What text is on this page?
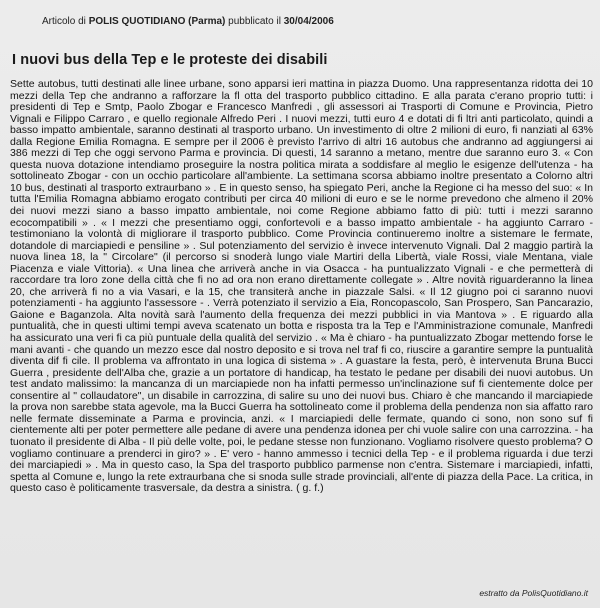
Articolo di POLIS QUOTIDIANO (Parma) pubblicato il 30/04/2006
I nuovi bus della Tep e le proteste dei disabili
Sette autobus, tutti destinati alle linee urbane, sono apparsi ieri mattina in piazza Duomo. Una rappresentanza ridotta dei 10 mezzi della Tep che andranno a rafforzare la fl otta del trasporto pubblico cittadino. E alla parata c'erano proprio tutti: i presidenti di Tep e Smtp, Paolo Zbogar e Francesco Manfredi , gli assessori ai Trasporti di Comune e Provincia, Pietro Vignali e Filippo Carraro , e quello regionale Alfredo Peri . I nuovi mezzi, tutti euro 4 e dotati di fi ltri anti particolato, quindi a basso impatto ambientale, saranno destinati al trasporto urbano. Un investimento di oltre 2 milioni di euro, fi nanziati al 63% dalla Regione Emilia Romagna. E sempre per il 2006 è previsto l'arrivo di altri 16 autobus che andranno ad aggiungersi ai 386 mezzi di Tep che oggi servono Parma e provincia. Di questi, 14 saranno a metano, mentre due saranno euro 3. « Con questa nuova dotazione intendiamo proseguire la nostra politica mirata a soddisfare al meglio le esigenze dell'utenza - ha sottolineato Zbogar - con un occhio particolare all'ambiente. La settimana scorsa abbiamo inoltre presentato a Colorno altri 10 bus, destinati al trasporto extraurbano » . E in questo senso, ha spiegato Peri, anche la Regione ci ha messo del suo: « In tutta l'Emilia Romagna abbiamo erogato contributi per circa 40 milioni di euro e se le norme prevedono che almeno il 20% dei nuovi mezzi siano a basso impatto ambientale, noi come Regione abbiamo fatto di più: tutti i mezzi saranno ecocompatibili » . « I mezzi che presentiamo oggi, confortevoli e a basso impatto ambientale - ha aggiunto Carraro - testimoniano la volontà di migliorare il trasporto pubblico. Come Provincia continueremo inoltre a sistemare le fermate, dotandole di marciapiedi e pensiline » . Sul potenziamento del servizio è invece intervenuto Vignali. Dal 2 maggio partirà la nuova linea 18, la " Circolare" (il percorso si snoderà lungo viale Martiri della Libertà, viale Rossi, viale Mentana, viale Piacenza e viale Vittoria). « Una linea che arriverà anche in via Osacca - ha puntualizzato Vignali - e che permetterà di raccordare tra loro zone della città che fi no ad ora non erano direttamente collegate » . Altre novità riguarderanno la linea 20, che arriverà fi no a via Vasari, e la 15, che transiterà anche in piazzale Salsi. « Il 12 giugno poi ci saranno nuovi potenziamenti - ha aggiunto l'assessore - . Verrà potenziato il servizio a Eia, Roncopascolo, San Prospero, San Pancarazio, Gaione e Baganzola. Alta novità sarà l'aumento della frequenza dei mezzi pubblici in via Mantova » . E riguardo alla puntualità, che in questi ultimi tempi aveva scatenato un botta e risposta tra la Tep e l'Amministrazione comunale, Manfredi ha assicurato una veri fi ca più puntuale della qualità del servizio . « Ma è chiaro - ha puntualizzato Zbogar mettendo forse le mani avanti - che quando un mezzo esce dal nostro deposito e si trova nel traf fi co, riuscire a garantire sempre la puntualità diventa dif fi cile. Il problema va affrontato in una logica di sistema » . A guastare la festa, però, è intervenuta Bruna Bucci Guerra , presidente dell'Alba che, grazie a un portatore di handicap, ha testato le pedane per disabili dei nuovi autobus. Un test andato malissimo: la mancanza di un marciapiede non ha infatti permesso un'inclinazione suf fi cientemente dolce per consentire al " collaudatore", un disabile in carrozzina, di salire su uno dei nuovi bus. Chiaro è che mancando il marciapiede la prova non sarebbe stata agevole, ma la Bucci Guerra ha sottolineato come il problema della pendenza non sia affatto raro nelle fermate disseminate a Parma e provincia, anzi. « I marciapiedi delle fermate, quando ci sono, non sono suf fi cientemente alti per poter permettere alle pedane di avere una pendenza idonea per chi vuole salire con una carrozzina. - ha tuonato il presidente di Alba - Il più delle volte, poi, le pedane stesse non funzionano. Vogliamo risolvere questo problema? O vogliamo continuare a prenderci in giro? » . E' vero - hanno ammesso i tecnici della Tep - e il problema riguarda i due terzi dei marciapiedi » . Ma in questo caso, la Spa del trasporto pubblico parmense non c'entra. Sistemare i marciapiedi, infatti, spetta al Comune e, lungo la rete extraurbana che si snoda sulle strade provinciali, all'ente di piazza della Pace. La critica, in questo caso è politicamente trasversale, da destra a sinistra. ( g. f.)
estratto da PolisQuotidiano.it
